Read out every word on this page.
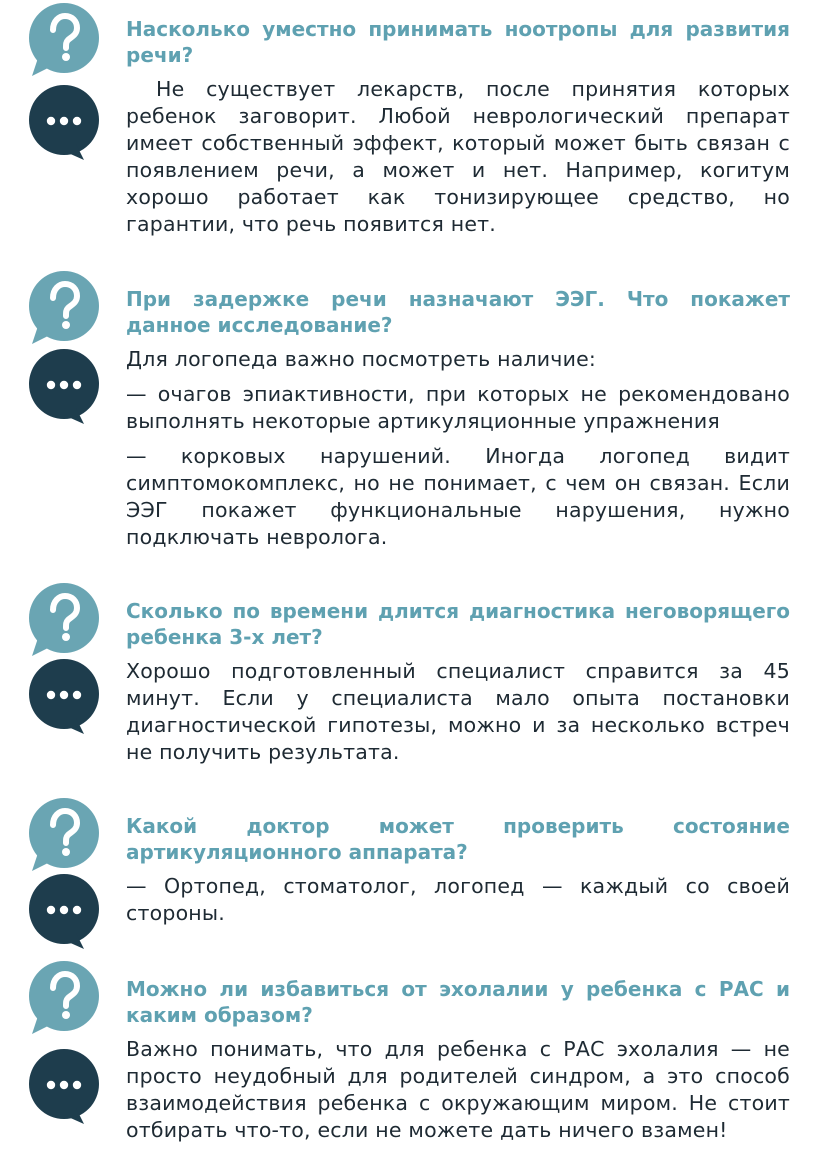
Насколько уместно принимать ноотропы для развития речи?

Не существует лекарств, после принятия которых ребенок заговорит. Любой неврологический препарат имеет собственный эффект, который может быть связан с появлением речи, а может и нет. Например, когитум хорошо работает как тонизирующее средство, но гарантии, что речь появится нет.

При задержке речи назначают ЭЭГ. Что покажет данное исследование?

Для логопеда важно посмотреть наличие:

— очагов эпиактивности, при которых не рекомендовано выполнять некоторые артикуляционные упражнения

— корковых нарушений. Иногда логопед видит симптомокомплекс, но не понимает, с чем он связан. Если ЭЭГ покажет функциональные нарушения, нужно подключать невролога.

Сколько по времени длится диагностика неговорящего ребенка 3-х лет?

Хорошо подготовленный специалист справится за 45 минут. Если у специалиста мало опыта постановки диагностической гипотезы, можно и за несколько встреч не получить результата.

Какой доктор может проверить состояние артикуляционного аппарата?

— Ортопед, стоматолог, логопед — каждый со своей стороны.

Можно ли избавиться от эхолалии у ребенка с РАС и каким образом?

Важно понимать, что для ребенка с РАС эхолалия — не просто неудобный для родителей синдром, а это способ взаимодействия ребенка с окружающим миром. Не стоит отбирать что-то, если не можете дать ничего взамен!
